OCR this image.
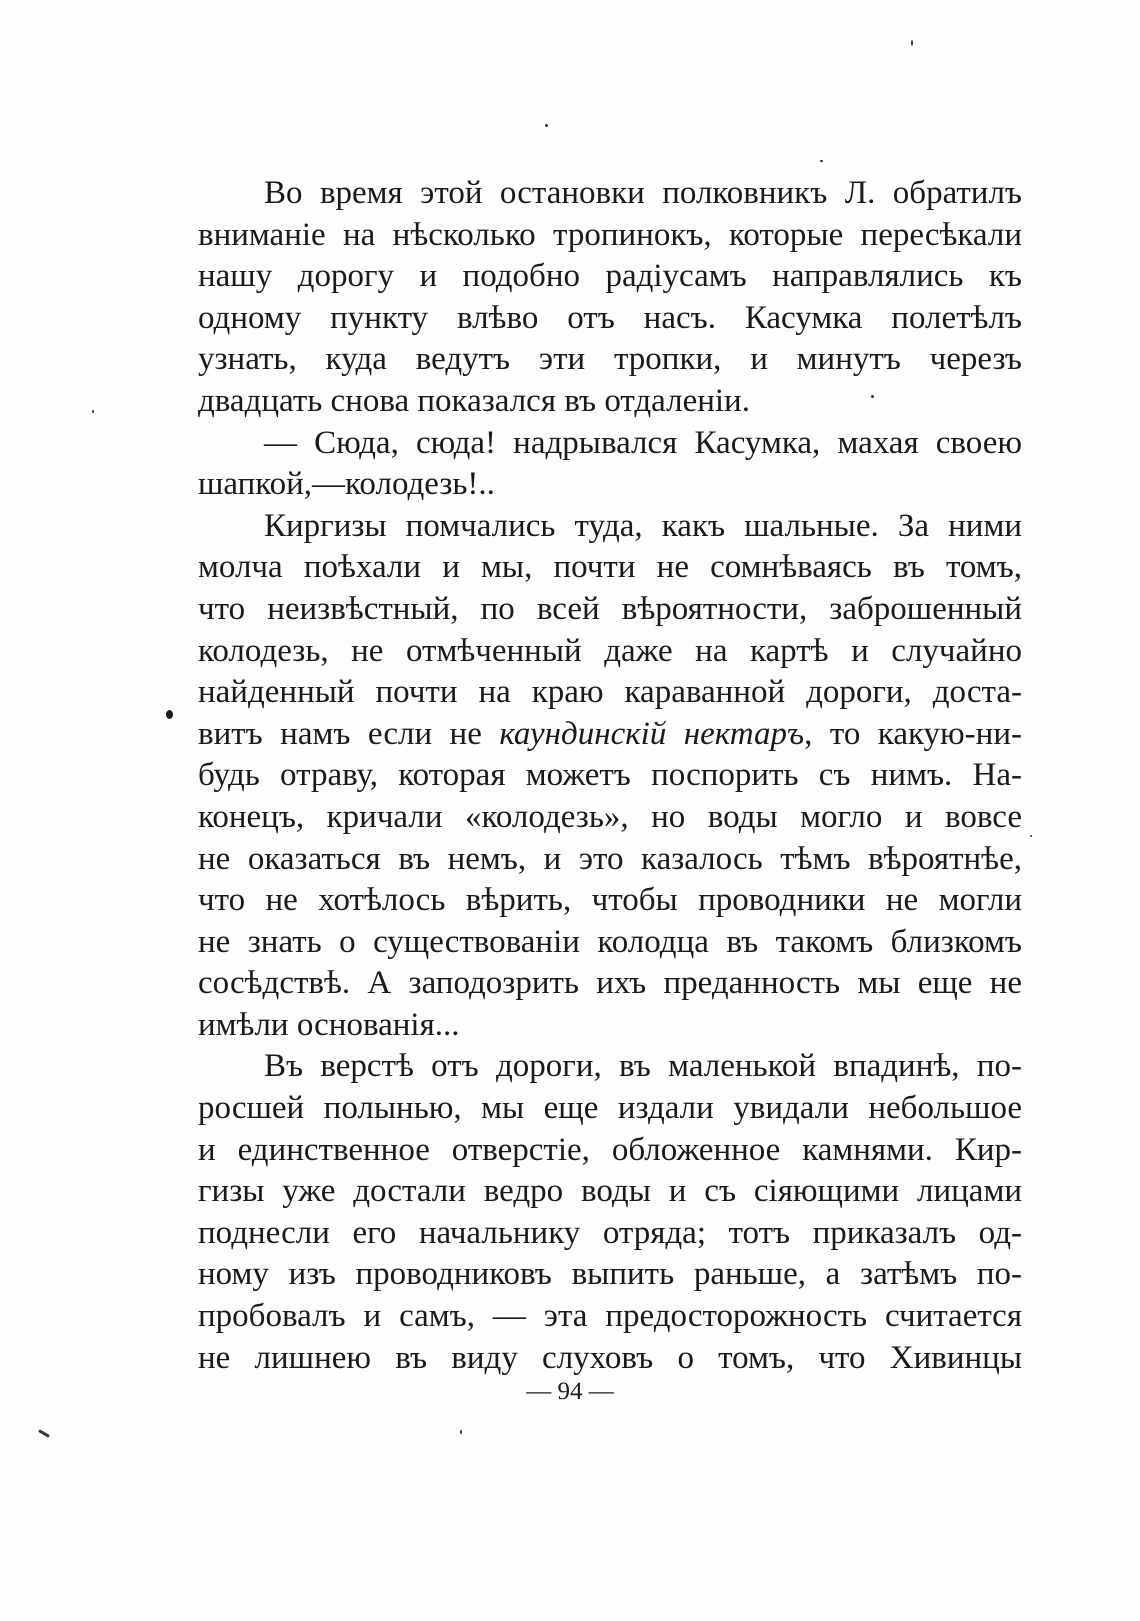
Во время этой остановки полковникъ Л. обратилъ
вниманіе на нѣсколько тропинокъ, которые пересѣкали
нашу дорогу и подобно радіусамъ направлялись къ
одному пункту влѣво отъ насъ. Касумка полетѣлъ
узнать, куда ведутъ эти тропки, и минутъ черезъ
двадцать снова показался въ отдаленіи.
— Сюда, сюда! надрывался Касумка, махая своею
шапкой,—колодезь!..
Киргизы помчались туда, какъ шальные. За ними
молча поѣхали и мы, почти не сомнѣваясь въ томъ,
что неизвѣстный, по всей вѣроятности, заброшенный
колодезь, не отмѣченный даже на картѣ и случайно
найденный почти на краю караванной дороги, доста-
витъ намъ если не каундинскій нектаръ, то какую-ни-
будь отраву, которая можетъ поспорить съ нимъ. На-
конецъ, кричали «колодезь», но воды могло и вовсе
не оказаться въ немъ, и это казалось тѣмъ вѣроятнѣе,
что не хотѣлось вѣрить, чтобы проводники не могли
не знать о существованіи колодца въ такомъ близкомъ
сосѣдствѣ. А заподозрить ихъ преданность мы еще не
имѣли основанія...
Въ верстѣ отъ дороги, въ маленькой впадинѣ, по-
росшей полынью, мы еще издали увидали небольшое
и единственное отверстіе, обложенное камнями. Кир-
гизы уже достали ведро воды и съ сіяющими лицами
поднесли его начальнику отряда; тотъ приказалъ од-
ному изъ проводниковъ выпить раньше, а затѣмъ по-
пробовалъ и самъ, — эта предосторожность считается
не лишнею въ виду слуховъ о томъ, что Хивинцы
— 94 —
